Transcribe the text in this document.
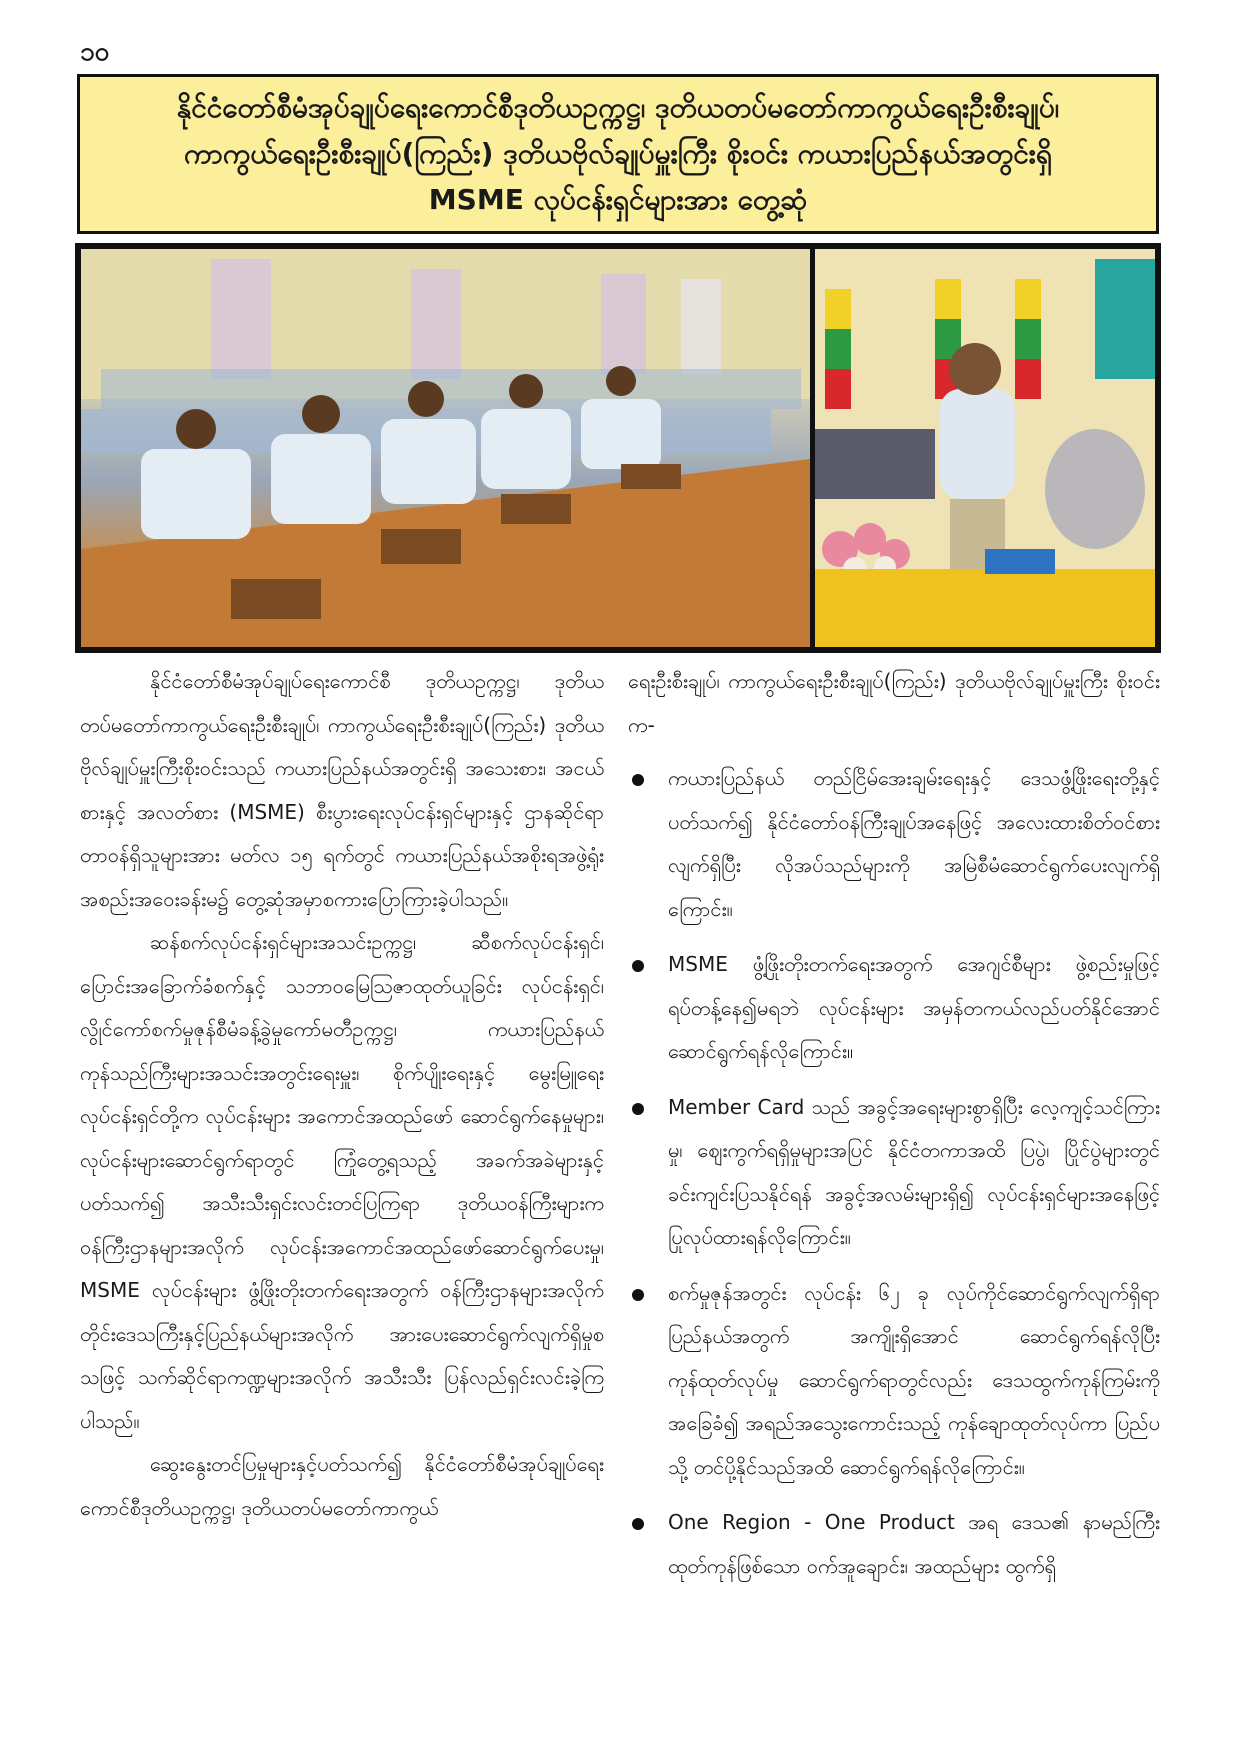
၁၀
နိုင်ငံတော်စီမံအုပ်ချုပ်ရေးကောင်စီဒုတိယဥက္ကဋ္ဌ၊ ဒုတိယတပ်မတော်ကာကွယ်ရေးဦးစီးချုပ်၊
ကာကွယ်ရေးဦးစီးချုပ်(ကြည်း) ဒုတိယဗိုလ်ချုပ်မှူးကြီး စိုးဝင်း ကယားပြည်နယ်အတွင်းရှိ
MSME လုပ်ငန်းရှင်များအား တွေ့ဆုံ

နိုင်ငံတော်စီမံအုပ်ချုပ်ရေးကောင်စီ ဒုတိယဥက္ကဋ္ဌ၊ ဒုတိယတပ်မတော်ကာကွယ်ရေးဦးစီးချုပ်၊ ကာကွယ်ရေးဦးစီးချုပ်(ကြည်း) ဒုတိယဗိုလ်ချုပ်မှူးကြီးစိုးဝင်းသည် ကယားပြည်နယ်အတွင်းရှိ အသေးစား၊ အငယ်စားနှင့် အလတ်စား (MSME) စီးပွားရေးလုပ်ငန်းရှင်များနှင့် ဌာနဆိုင်ရာတာဝန်ရှိသူများအား မတ်လ ၁၅ ရက်တွင် ကယားပြည်နယ်အစိုးရအဖွဲ့ရုံး အစည်းအဝေးခန်းမ၌ တွေ့ဆုံအမှာစကားပြောကြားခဲ့ပါသည်။

ဆန်စက်လုပ်ငန်းရှင်များအသင်းဥက္ကဋ္ဌ၊ ဆီစက်လုပ်ငန်းရှင်၊ ပြောင်းအခြောက်ခံစက်နှင့် သဘာဝမြေသြဇာထုတ်ယူခြင်း လုပ်ငန်းရှင်၊ လွိုင်ကော်စက်မှုဇုန်စီမံခန့်ခွဲမှုကော်မတီဥက္ကဋ္ဌ၊ ကယားပြည်နယ် ကုန်သည်ကြီးများအသင်းအတွင်းရေးမှူး၊ စိုက်ပျိုးရေးနှင့် မွေးမြူရေးလုပ်ငန်းရှင်တို့က လုပ်ငန်းများ အကောင်အထည်ဖော် ဆောင်ရွက်နေမှုများ၊ လုပ်ငန်းများဆောင်ရွက်ရာတွင် ကြုံတွေ့ရသည့် အခက်အခဲများနှင့်ပတ်သက်၍ အသီးသီးရှင်းလင်းတင်ပြကြရာ ဒုတိယဝန်ကြီးများက ဝန်ကြီးဌာနများအလိုက် လုပ်ငန်းအကောင်အထည်ဖော်ဆောင်ရွက်ပေးမှု၊ MSME လုပ်ငန်းများ ဖွံ့ဖြိုးတိုးတက်ရေးအတွက် ဝန်ကြီးဌာနများအလိုက် တိုင်းဒေသကြီးနှင့်ပြည်နယ်များအလိုက် အားပေးဆောင်ရွက်လျက်ရှိမှုစသဖြင့် သက်ဆိုင်ရာကဏ္ဍများအလိုက် အသီးသီး ပြန်လည်ရှင်းလင်းခဲ့ကြပါသည်။

ဆွေးနွေးတင်ပြမှုများနှင့်ပတ်သက်၍ နိုင်ငံတော်စီမံအုပ်ချုပ်ရေးကောင်စီဒုတိယဥက္ကဋ္ဌ၊ ဒုတိယတပ်မတော်ကာကွယ်

ရေးဦးစီးချုပ်၊ ကာကွယ်ရေးဦးစီးချုပ်(ကြည်း) ဒုတိယဗိုလ်ချုပ်မှူးကြီး စိုးဝင်းက-

ကယားပြည်နယ် တည်ငြိမ်အေးချမ်းရေးနှင့် ဒေသဖွံ့ဖြိုးရေးတို့နှင့်ပတ်သက်၍ နိုင်ငံတော်ဝန်ကြီးချုပ်အနေဖြင့် အလေးထားစိတ်ဝင်စားလျက်ရှိပြီး လိုအပ်သည်များကို အမြဲစီမံဆောင်ရွက်ပေးလျက်ရှိကြောင်း။
MSME ဖွံ့ဖြိုးတိုးတက်ရေးအတွက် အေဂျင်စီများ ဖွဲ့စည်းမှုဖြင့် ရပ်တန့်နေ၍မရဘဲ လုပ်ငန်းများ အမှန်တကယ်လည်ပတ်နိုင်အောင် ဆောင်ရွက်ရန်လိုကြောင်း။
Member Card သည် အခွင့်အရေးများစွာရှိပြီး လေ့ကျင့်သင်ကြားမှု၊ ဈေးကွက်ရရှိမှုများအပြင် နိုင်ငံတကာအထိ ပြပွဲ၊ ပြိုင်ပွဲများတွင် ခင်းကျင်းပြသနိုင်ရန် အခွင့်အလမ်းများရှိ၍ လုပ်ငန်းရှင်များအနေဖြင့် ပြုလုပ်ထားရန်လိုကြောင်း။
စက်မှုဇုန်အတွင်း လုပ်ငန်း ၆၂ ခု လုပ်ကိုင်ဆောင်ရွက်လျက်ရှိရာ ပြည်နယ်အတွက် အကျိုးရှိအောင် ဆောင်ရွက်ရန်လိုပြီး ကုန်ထုတ်လုပ်မှု ဆောင်ရွက်ရာတွင်လည်း ဒေသထွက်ကုန်ကြမ်းကို အခြေခံ၍ အရည်အသွေးကောင်းသည့် ကုန်ချောထုတ်လုပ်ကာ ပြည်ပသို့ တင်ပို့နိုင်သည်အထိ ဆောင်ရွက်ရန်လိုကြောင်း။
One Region - One Product အရ ဒေသ၏ နာမည်ကြီးထုတ်ကုန်ဖြစ်သော ဝက်အူချောင်း၊ အထည်များ ထွက်ရှိ
